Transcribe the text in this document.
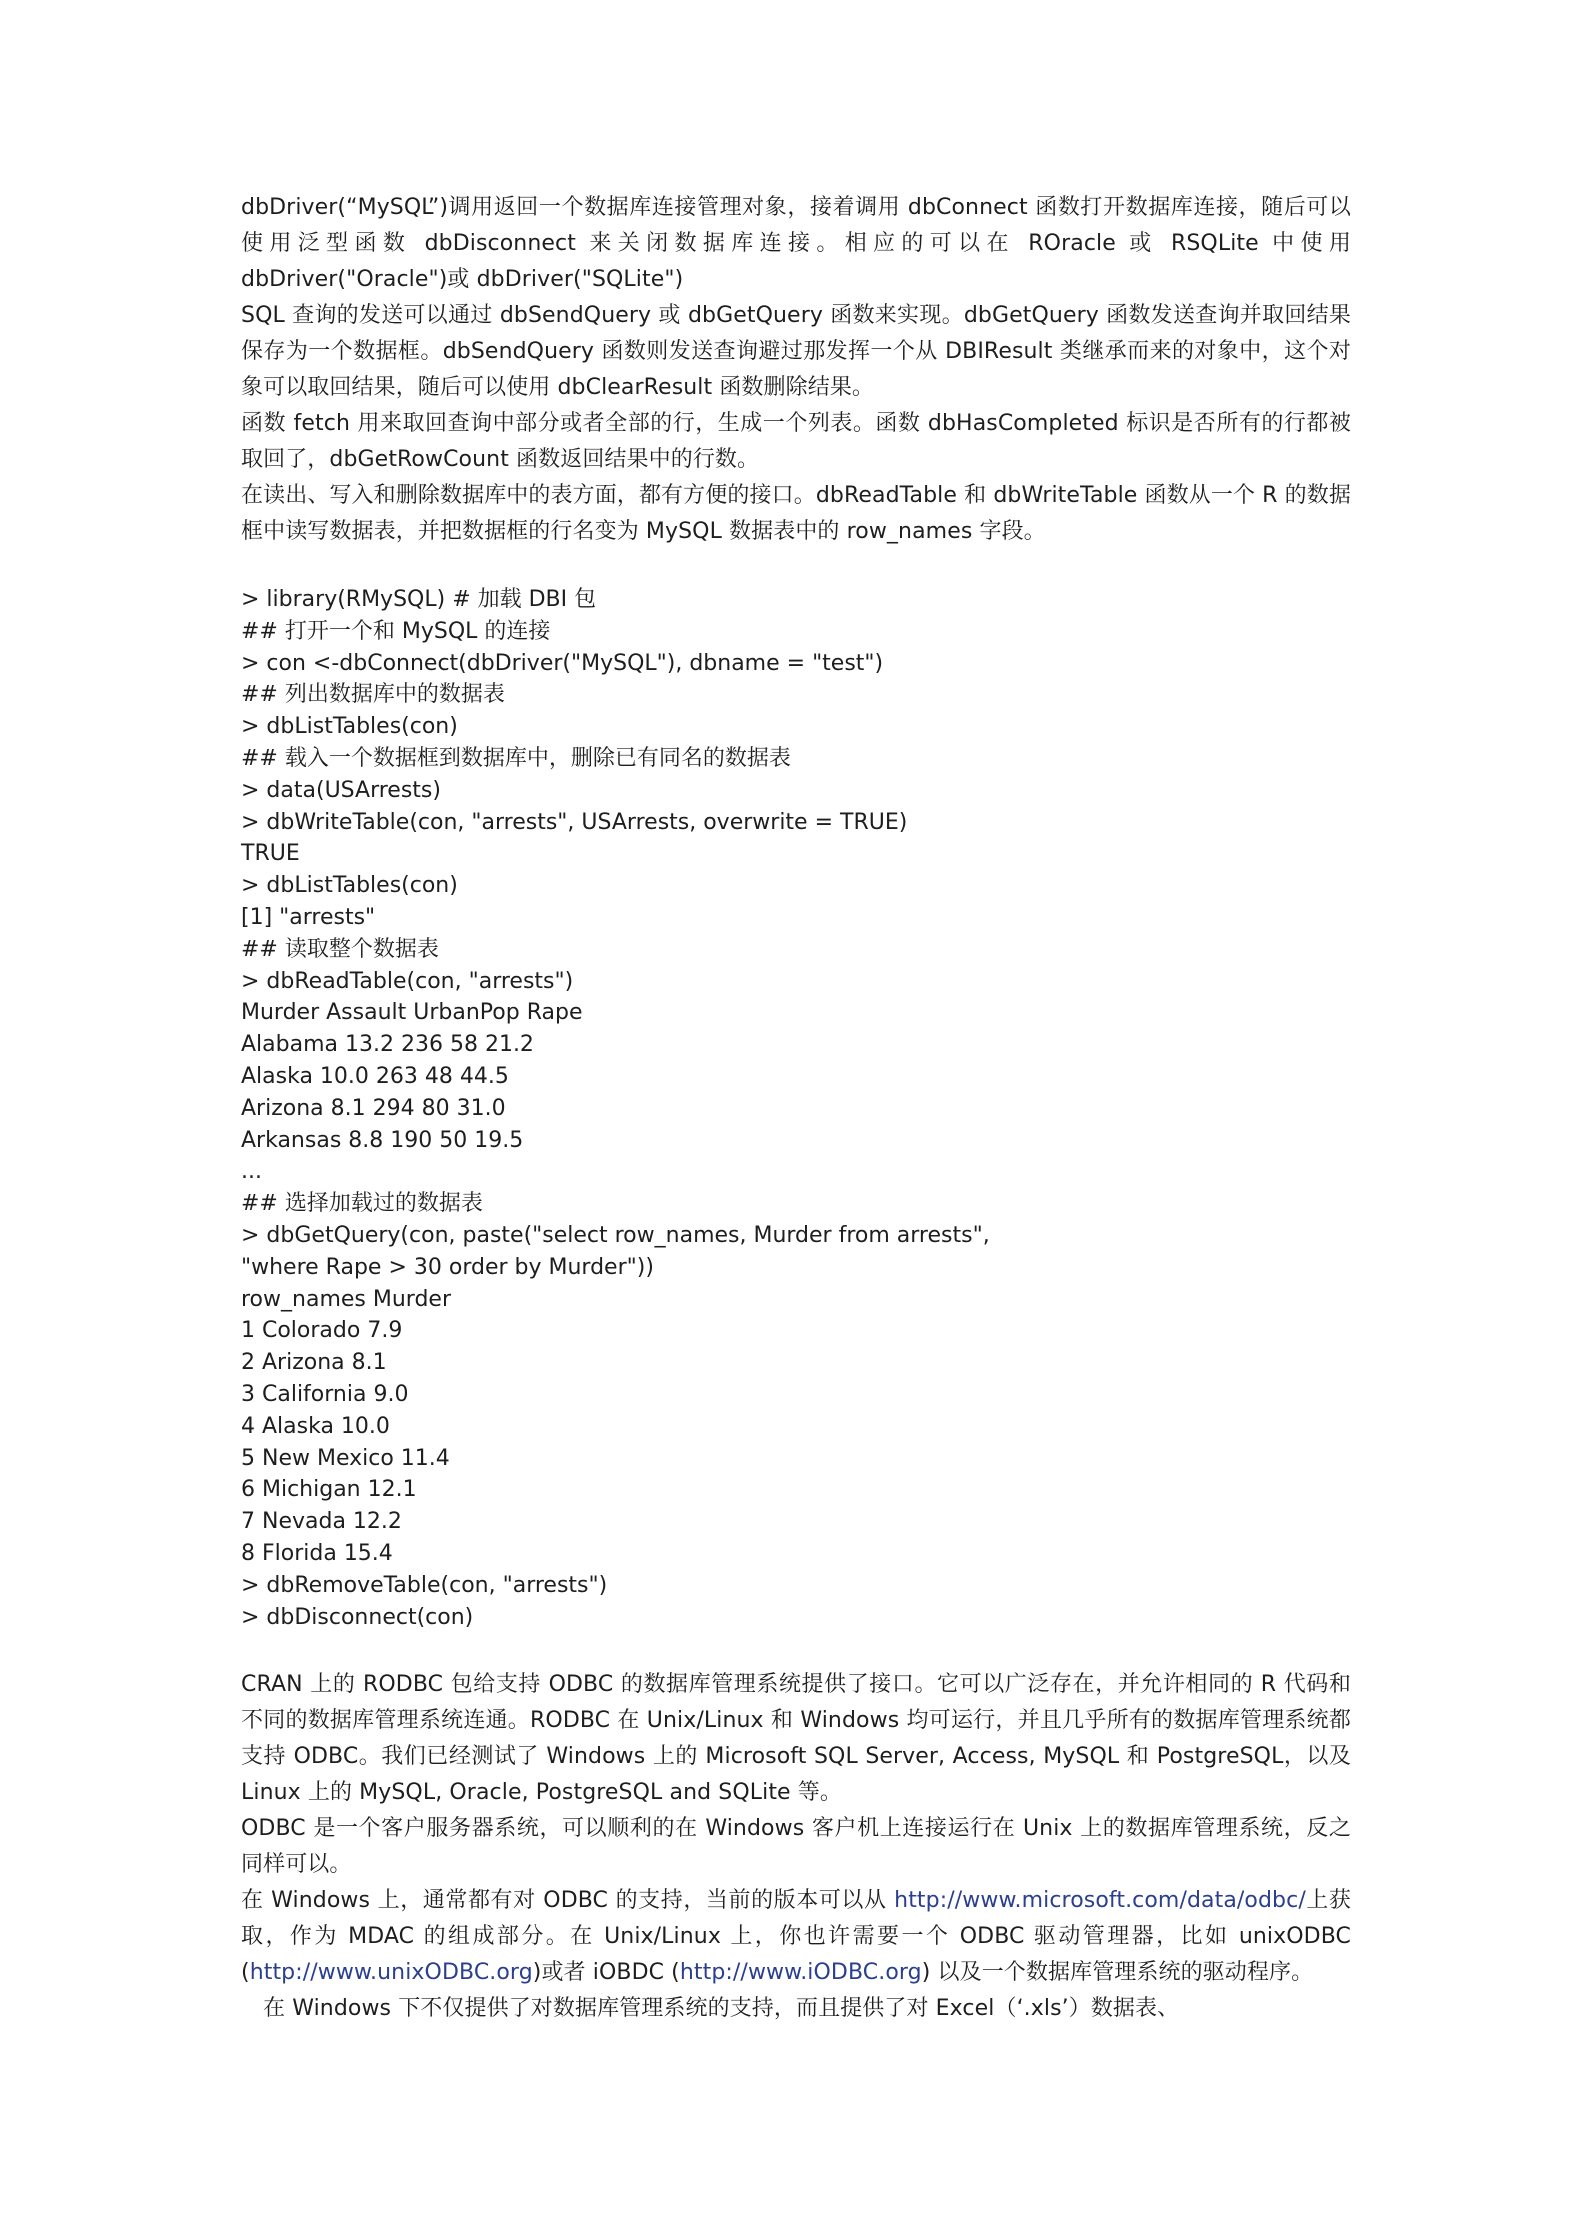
dbDriver(“MySQL”)调用返回一个数据库连接管理对象，接着调用 dbConnect 函数打开数据库连接，随后可以使用泛型函数 dbDisconnect 来关闭数据库连接。相应的可以在 ROracle 或 RSQLite 中使用 dbDriver("Oracle")或 dbDriver("SQLite")

SQL 查询的发送可以通过 dbSendQuery 或 dbGetQuery 函数来实现。dbGetQuery 函数发送查询并取回结果保存为一个数据框。dbSendQuery 函数则发送查询避过那发挥一个从 DBIResult 类继承而来的对象中，这个对象可以取回结果，随后可以使用 dbClearResult 函数删除结果。

函数 fetch 用来取回查询中部分或者全部的行，生成一个列表。函数 dbHasCompleted 标识是否所有的行都被取回了，dbGetRowCount 函数返回结果中的行数。

在读出、写入和删除数据库中的表方面，都有方便的接口。dbReadTable 和 dbWriteTable 函数从一个 R 的数据框中读写数据表，并把数据框的行名变为 MySQL 数据表中的 row_names 字段。

> library(RMySQL) # 加载 DBI 包
## 打开一个和 MySQL 的连接
> con <-dbConnect(dbDriver("MySQL"), dbname = "test")
## 列出数据库中的数据表
> dbListTables(con)
## 载入一个数据框到数据库中，删除已有同名的数据表
> data(USArrests)
> dbWriteTable(con, "arrests", USArrests, overwrite = TRUE)
TRUE
> dbListTables(con)
[1] "arrests"
## 读取整个数据表
> dbReadTable(con, "arrests")
Murder Assault UrbanPop Rape
Alabama 13.2 236 58 21.2
Alaska 10.0 263 48 44.5
Arizona 8.1 294 80 31.0
Arkansas 8.8 190 50 19.5
...
## 选择加载过的数据表
> dbGetQuery(con, paste("select row_names, Murder from arrests",
"where Rape > 30 order by Murder"))
row_names Murder
1 Colorado 7.9
2 Arizona 8.1
3 California 9.0
4 Alaska 10.0
5 New Mexico 11.4
6 Michigan 12.1
7 Nevada 12.2
8 Florida 15.4
> dbRemoveTable(con, "arrests")
> dbDisconnect(con)

CRAN 上的 RODBC 包给支持 ODBC 的数据库管理系统提供了接口。它可以广泛存在，并允许相同的 R 代码和不同的数据库管理系统连通。RODBC 在 Unix/Linux 和 Windows 均可运行，并且几乎所有的数据库管理系统都支持 ODBC。我们已经测试了 Windows 上的 Microsoft SQL Server, Access, MySQL 和 PostgreSQL，以及 Linux 上的 MySQL, Oracle, PostgreSQL and SQLite 等。

ODBC 是一个客户服务器系统，可以顺利的在 Windows 客户机上连接运行在 Unix 上的数据库管理系统，反之同样可以。

在 Windows 上，通常都有对 ODBC 的支持，当前的版本可以从 http://www.microsoft.com/data/odbc/上获取，作为 MDAC 的组成部分。在 Unix/Linux 上，你也许需要一个 ODBC 驱动管理器，比如 unixODBC (http://www.unixODBC.org)或者 iOBDC (http://www.iODBC.org) 以及一个数据库管理系统的驱动程序。

在 Windows 下不仅提供了对数据库管理系统的支持，而且提供了对 Excel（‘.xls’）数据表、
